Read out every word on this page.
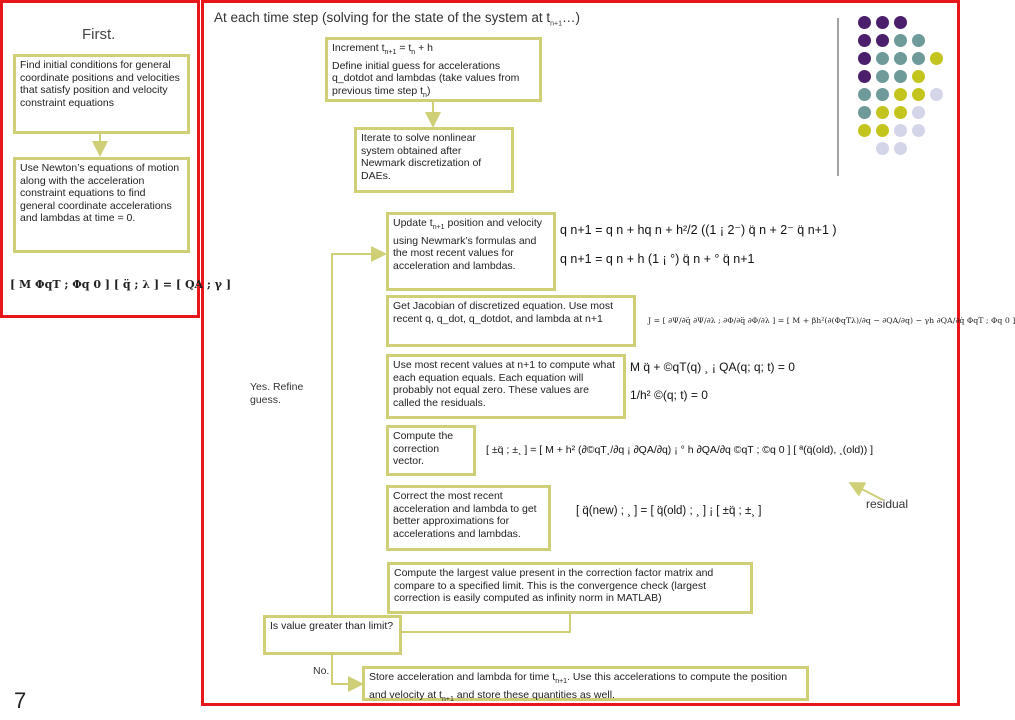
First.
Find initial conditions for general coordinate positions and velocities that satisfy position and velocity constraint equations
Use Newton’s equations of motion along with the acceleration constraint equations to find general coordinate accelerations and lambdas at time = 0.
[ M ΦqT ; Φq 0 ] [ q̈ ; λ ] = [ QA ; γ ]
At each time step (solving for the state of the system at $t_{n+1}\dots$)
Increment $t_{n+1} = t_n + h$
Define initial guess for accelerations q_dotdot and lambdas (take values from previous time step $t_n$)
Iterate to solve nonlinear system obtained after Newmark discretization of DAEs.
Update $t_{n+1}$ position and velocity using Newmark’s formulas and the most recent values for acceleration and lambdas.
Get Jacobian of discretized equation. Use most recent q, q_dot, q_dotdot, and lambda at n+1
Use most recent values at n+1 to compute what each equation equals. Each equation will probably not equal zero. These values are called the residuals.
Compute the correction vector.
Correct the most recent acceleration and lambda to get better approximations for accelerations and lambdas.
Compute the largest value present in the correction factor matrix and compare to a specified limit. This is the convergence check (largest correction is easily computed as infinity norm in MATLAB)
Is value greater than limit?
Store acceleration and lambda for time $t_{n+1}$. Use this accelerations to compute the position and velocity at $t_{n+1}$ and store these quantities as well.
Yes. Refine guess.
No.
residual
q n+1 = q n + hq n + h²/2 ((1 ¡ 2⁻) q̈ n + 2⁻ q̈ n+1 )
q n+1 = q n + h (1 ¡ °) q̈ n + ° q̈ n+1
J = [ ∂Ψ/∂q̈ ∂Ψ/∂λ ; ∂Φ/∂q̈ ∂Φ/∂λ ] = [ M + βh²(∂(ΦqTλ)/∂q − ∂QA/∂q) − γh ∂QA/∂q̇ ΦqT ; Φq 0 ]
M q̈ + ©qT(q) ¸ ¡ QA(q; q; t) = 0
1/h² ©(q; t) = 0
[ ±q̈ ; ±¸ ] = [ M + h² (∂©qT¸/∂q ¡ ∂QA/∂q) ¡ ° h ∂QA/∂q ©qT ; ©q 0 ] [ ª(q̈(old), ¸(old)) ]
[ q̈(new) ; ¸ ] = [ q̈(old) ; ¸ ] ¡ [ ±q̈ ; ±¸ ]
7
